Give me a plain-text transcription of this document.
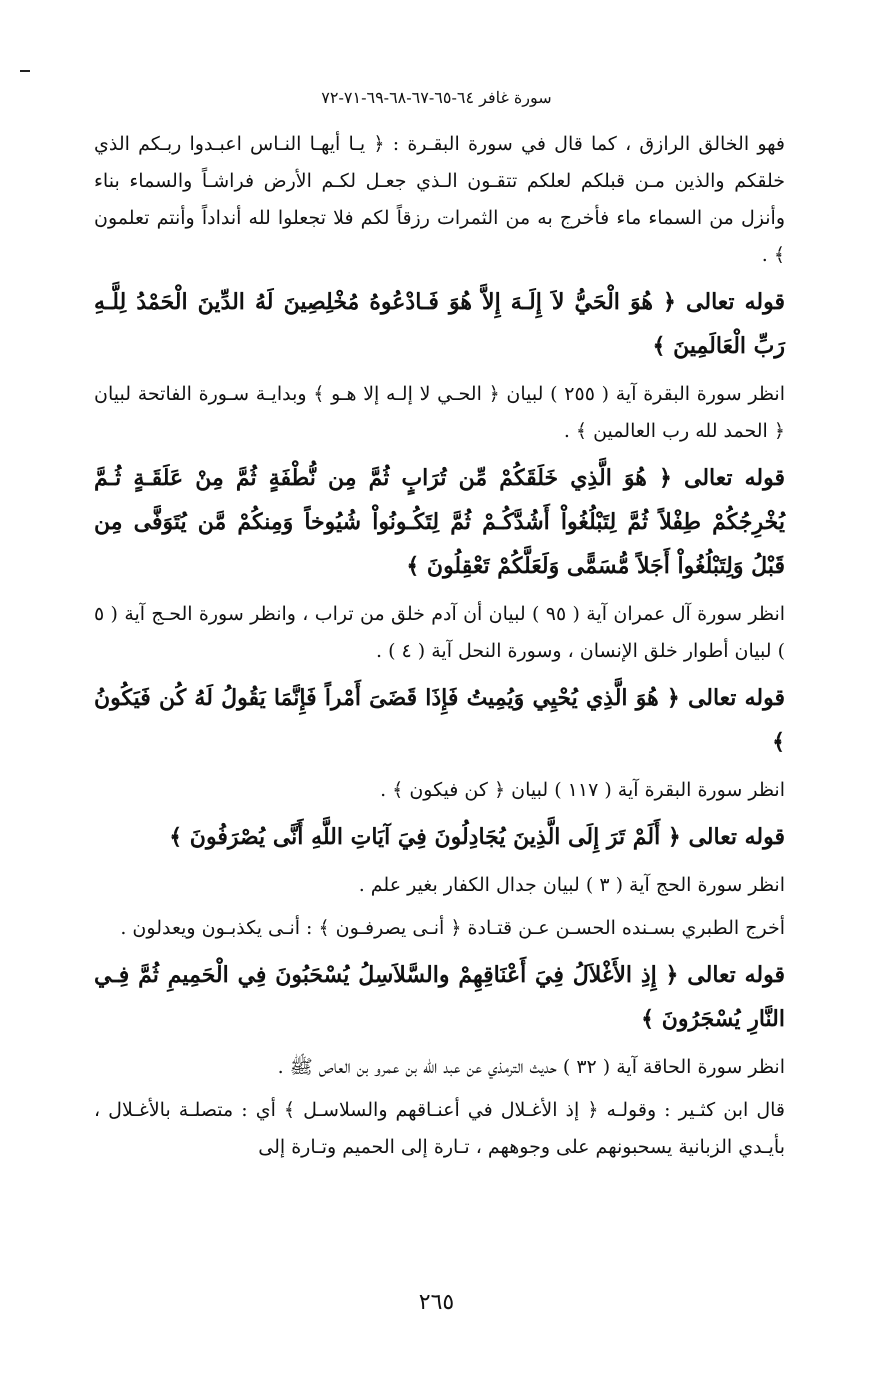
سورة غافر ٦٤-٦٥-٦٧-٦٨-٦٩-٧١-٧٢

فهو الخالق الرازق ، كما قال في سورة البقـرة : ﴿ يـا أيهـا النـاس اعبـدوا ربـكم الذي خلقكم والذين مـن قبلكم لعلكم تتقـون الـذي جعـل لكـم الأرض فراشـاً والسماء بناء وأنزل من السماء ماء فأخرج به من الثمرات رزقاً لكم فلا تجعلوا لله أنداداً وأنتم تعلمون ﴾ .

قوله تعالى ﴿ هُوَ الْحَيُّ لاَ إِلَـهَ إِلاَّ هُوَ فَـادْعُوهُ مُخْلِصِينَ لَهُ الدِّينَ الْحَمْدُ لِلَّـهِ رَبِّ الْعَالَمِينَ ﴾

انظر سورة البقرة آية ( ٢٥٥ ) لبيان ﴿ الحـي لا إلـه إلا هـو ﴾ وبدايـة سـورة الفاتحة لبيان ﴿ الحمد لله رب العالمين ﴾ .

قوله تعالى ﴿ هُوَ الَّذِي خَلَقَكُمْ مِّن تُرَابٍ ثُمَّ مِن نُّطْفَةٍ ثُمَّ مِنْ عَلَقَـةٍ ثُـمَّ يُخْرِجُكُمْ طِفْلاً ثُمَّ لِتَبْلُغُواْ أَشُدَّكُـمْ ثُمَّ لِتَكُـونُواْ شُيُوخاً وَمِنكُمْ مَّن يُتَوَفَّى مِن قَبْلُ وَلِتَبْلُغُواْ أَجَلاً مُّسَمًّى وَلَعَلَّكُمْ تَعْقِلُونَ ﴾

انظر سورة آل عمران آية ( ٩٥ ) لبيان أن آدم خلق من تراب ، وانظر سورة الحـج آية ( ٥ ) لبيان أطوار خلق الإنسان ، وسورة النحل آية ( ٤ ) .

قوله تعالى ﴿ هُوَ الَّذِي يُحْيِي وَيُمِيتُ فَإِذَا قَضَىَ أَمْراً فَإِنَّمَا يَقُولُ لَهُ كُن فَيَكُونُ ﴾

انظر سورة البقرة آية ( ١١٧ ) لبيان ﴿ كن فيكون ﴾ .

قوله تعالى ﴿ أَلَمْ تَرَ إِلَى الَّذِينَ يُجَادِلُونَ فِيَ آيَاتِ اللَّهِ أَنَّى يُصْرَفُونَ ﴾

انظر سورة الحج آية ( ٣ ) لبيان جدال الكفار بغير علم .

أخرج الطبري بسـنده الحسـن عـن قتـادة ﴿ أنـى يصرفـون ﴾ : أنـى يكذبـون ويعدلون .

قوله تعالى ﴿ إِذِ الأَغْلاَلُ فِيَ أَعْنَاقِهِمْ والسَّلاَسِلُ يُسْحَبُونَ فِي الْحَمِيمِ ثُمَّ فِـي النَّارِ يُسْجَرُونَ ﴾

انظر سورة الحاقة آية ( ٣٢ ) حديث الترمذي عن عبد الله بن عمرو بن العاص ﷺ .

قال ابن كثـير : وقولـه ﴿ إذ الأغـلال في أعنـاقهم والسلاسـل ﴾ أي : متصلـة بالأغـلال ، بأيـدي الزبانية يسحبونهم على وجوههم ، تـارة إلى الحميم وتـارة إلى

٢٦٥
